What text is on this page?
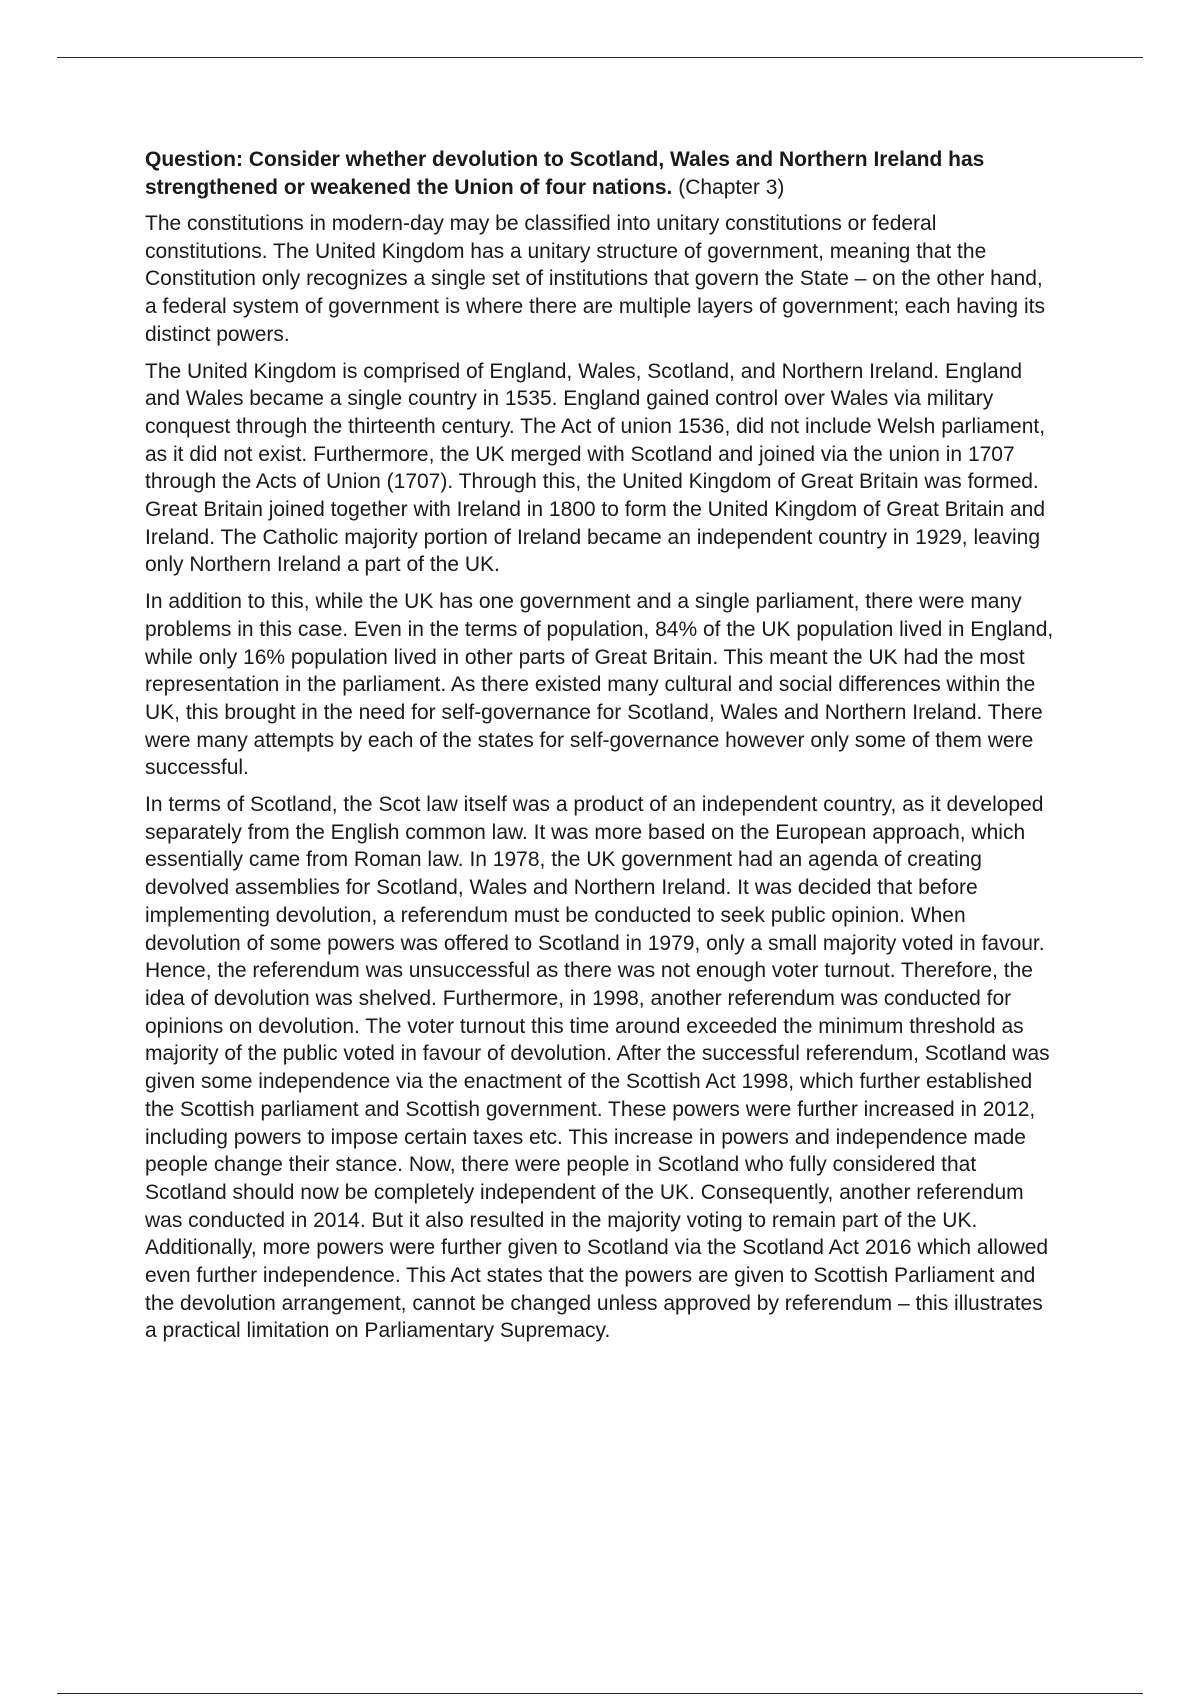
Question: Consider whether devolution to Scotland, Wales and Northern Ireland has strengthened or weakened the Union of four nations. (Chapter 3)

The constitutions in modern-day may be classified into unitary constitutions or federal constitutions. The United Kingdom has a unitary structure of government, meaning that the Constitution only recognizes a single set of institutions that govern the State – on the other hand, a federal system of government is where there are multiple layers of government; each having its distinct powers.

The United Kingdom is comprised of England, Wales, Scotland, and Northern Ireland. England and Wales became a single country in 1535. England gained control over Wales via military conquest through the thirteenth century. The Act of union 1536, did not include Welsh parliament, as it did not exist. Furthermore, the UK merged with Scotland and joined via the union in 1707 through the Acts of Union (1707). Through this, the United Kingdom of Great Britain was formed. Great Britain joined together with Ireland in 1800 to form the United Kingdom of Great Britain and Ireland. The Catholic majority portion of Ireland became an independent country in 1929, leaving only Northern Ireland a part of the UK.

In addition to this, while the UK has one government and a single parliament, there were many problems in this case. Even in the terms of population, 84% of the UK population lived in England, while only 16% population lived in other parts of Great Britain. This meant the UK had the most representation in the parliament. As there existed many cultural and social differences within the UK, this brought in the need for self-governance for Scotland, Wales and Northern Ireland. There were many attempts by each of the states for self-governance however only some of them were successful.

In terms of Scotland, the Scot law itself was a product of an independent country, as it developed separately from the English common law. It was more based on the European approach, which essentially came from Roman law. In 1978, the UK government had an agenda of creating devolved assemblies for Scotland, Wales and Northern Ireland. It was decided that before implementing devolution, a referendum must be conducted to seek public opinion. When devolution of some powers was offered to Scotland in 1979, only a small majority voted in favour. Hence, the referendum was unsuccessful as there was not enough voter turnout. Therefore, the idea of devolution was shelved. Furthermore, in 1998, another referendum was conducted for opinions on devolution. The voter turnout this time around exceeded the minimum threshold as majority of the public voted in favour of devolution. After the successful referendum, Scotland was given some independence via the enactment of the Scottish Act 1998, which further established the Scottish parliament and Scottish government. These powers were further increased in 2012, including powers to impose certain taxes etc. This increase in powers and independence made people change their stance. Now, there were people in Scotland who fully considered that Scotland should now be completely independent of the UK. Consequently, another referendum was conducted in 2014. But it also resulted in the majority voting to remain part of the UK. Additionally, more powers were further given to Scotland via the Scotland Act 2016 which allowed even further independence. This Act states that the powers are given to Scottish Parliament and the devolution arrangement, cannot be changed unless approved by referendum – this illustrates a practical limitation on Parliamentary Supremacy.
